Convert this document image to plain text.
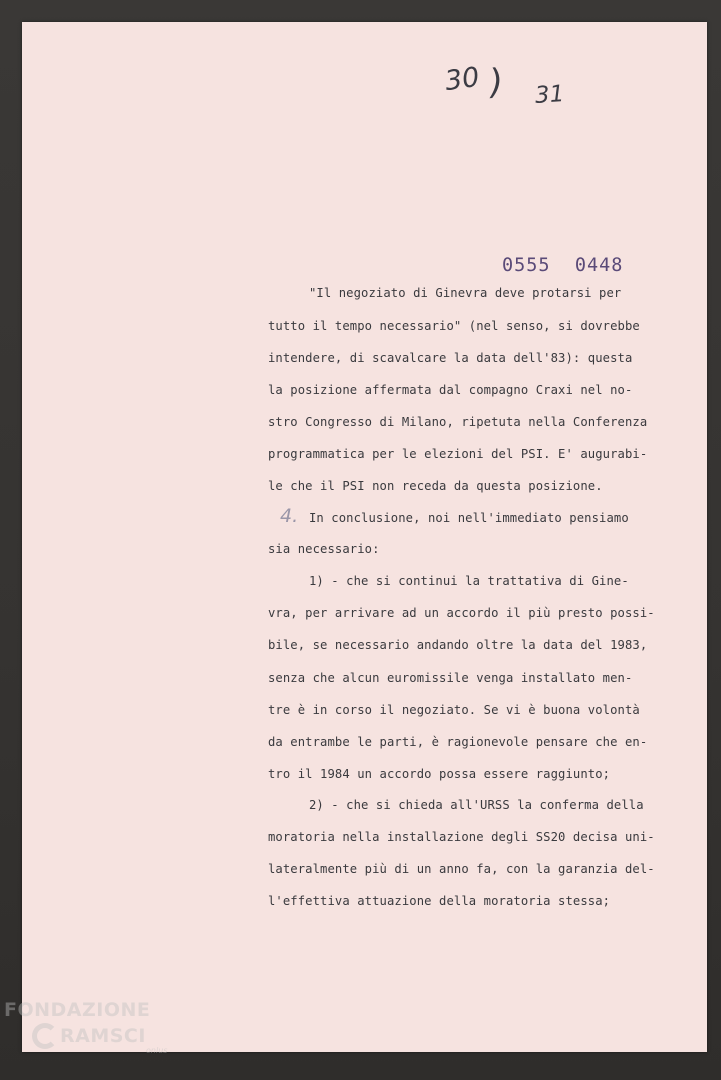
30 ) 31
0555  0448
4.
"Il negoziato di Ginevra deve protarsi per
tutto il tempo necessario" (nel senso, si dovrebbe
intendere, di scavalcare la data dell'83): questa
la posizione affermata dal compagno Craxi nel no-
stro Congresso di Milano, ripetuta nella Conferenza
programmatica per le elezioni del PSI. E' augurabi-
le che il PSI non receda da questa posizione.
In conclusione, noi nell'immediato pensiamo
sia necessario:
1) - che si continui la trattativa di Gine-
vra, per arrivare ad un accordo il più presto possi-
bile, se necessario andando oltre la data del 1983,
senza che alcun euromissile venga installato men-
tre è in corso il negoziato. Se vi è buona volontà
da entrambe le parti, è ragionevole pensare che en-
tro il 1984 un accordo possa essere raggiunto;
2) - che si chieda all'URSS la conferma della
moratoria nella installazione degli SS20 decisa uni-
lateralmente più di un anno fa, con la garanzia del-
l'effettiva attuazione della moratoria stessa;
FONDAZIONE
RAMSCI
onlus
